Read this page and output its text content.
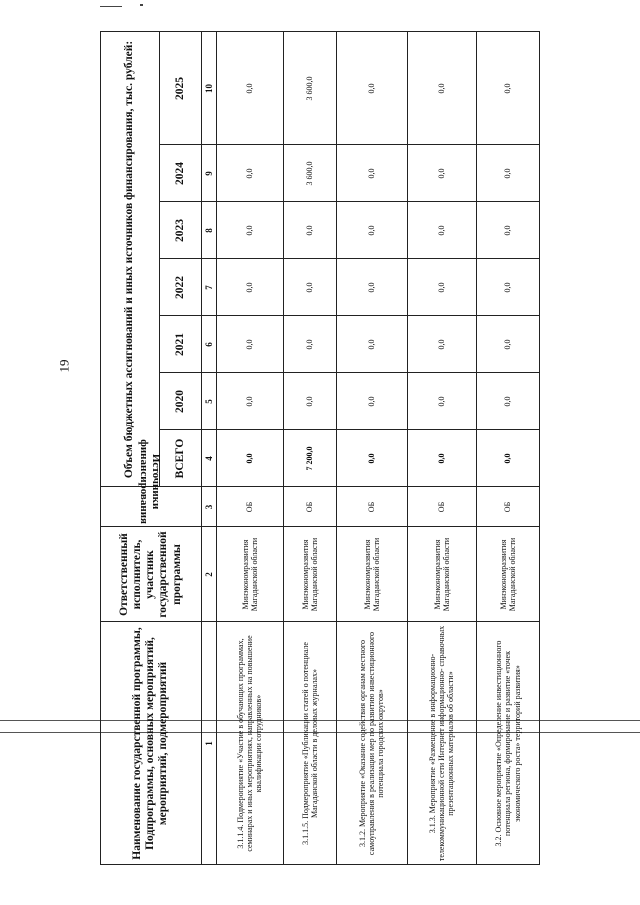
19
	Наименование государственной программы, Подпрограммы, основных мероприятий, мероприятий, подмероприятий	Ответственный исполнитель, участник государственной программы	Источники финансирования	Объем бюджетных ассигнований и иных источников финансирования, тыс. рублей:						
				ВСЕГО	2020	2021	2022	2023	2024	2025
	1	2	3	4	5	6	7	8	9	10
	3.1.1.4. Подмероприятие «Участие в обучающих программах, семинарах и иных мероприятиях, направленных на повышение квалификации сотрудников»	Минэкономразвития Магаданской области	ОБ	0,0	0,0	0,0	0,0	0,0	0,0	0,0
	3.1.1.5. Подмероприятие «Публикации статей о потенциале Магаданской области в деловых журналах»	Минэкономразвития Магаданской области	ОБ	7 200,0	0,0	0,0	0,0	0,0	3 600,0	3 600,0
	3.1.2. Мероприятие «Оказание содействия органам местного самоуправления в реализации мер по развитию инвестиционного потенциала городских округов»	Минэкономразвития Магаданской области	ОБ	0,0	0,0	0,0	0,0	0,0	0,0	0,0
	3.1.3. Мероприятие «Размещение в информационно-телекоммуникационной сети Интернет информационно- справочных презентационных материалов об области»	Минэкономразвития Магаданской области	ОБ	0,0	0,0	0,0	0,0	0,0	0,0	0,0
	3.2. Основное мероприятие «Определение инвестиционного потенциала региона, формирование и развитие «точек экономического роста» территорий развития»	Минэкономразвития Магаданской области	ОБ	0,0	0,0	0,0	0,0	0,0	0,0	0,0
